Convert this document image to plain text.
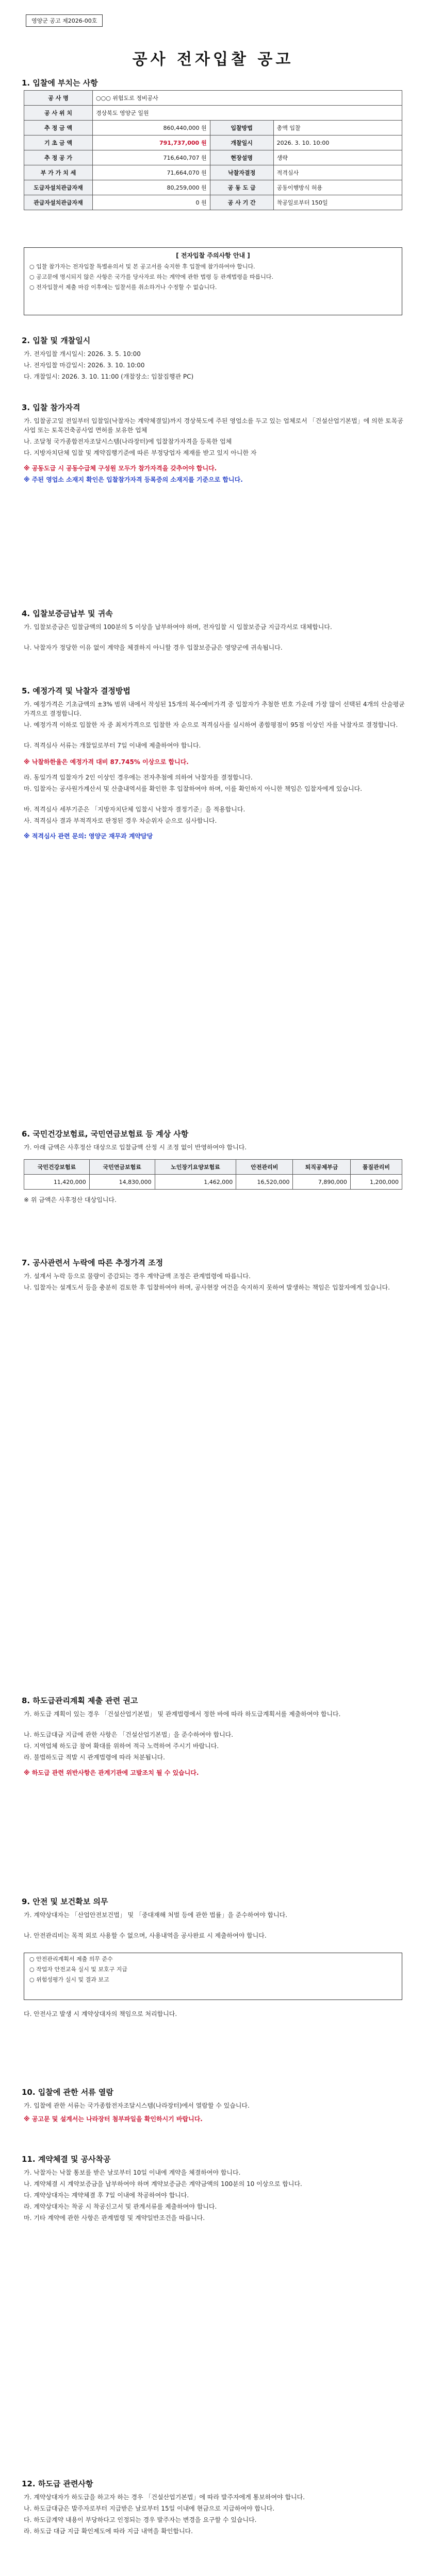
영양군 공고 제2026-00호
공사 전자입찰 공고
1. 입찰에 부치는 사항
공 사 명	○○○ 위험도로 정비공사		
공 사 위 치	경상북도 영양군 일원		
추 정 금 액	860,440,000 원	입찰방법	총액 입찰
기 초 금 액	791,737,000 원	개찰일시	2026. 3. 10. 10:00
추 정 공 가	716,640,707 원	현장설명	생략
부 가 가 치 세	71,664,070 원	낙찰자결정	적격심사
도급자설치관급자재	80,259,000 원	공 동 도 급	공동이행방식 허용
관급자설치관급자재	0 원	공 사 기 간	착공일로부터 150일
[ 전자입찰 주의사항 안내 ]

○ 입찰 참가자는 전자입찰 특별유의서 및 본 공고서를 숙지한 후 입찰에 참가하여야 합니다.

○ 공고문에 명시되지 않은 사항은 국가를 당사자로 하는 계약에 관한 법령 등 관계법령을 따릅니다.

○ 전자입찰서 제출 마감 이후에는 입찰서를 취소하거나 수정할 수 없습니다.

2. 입찰 및 개찰일시

가. 전자입찰 개시일시: 2026. 3. 5. 10:00

나. 전자입찰 마감일시: 2026. 3. 10. 10:00

다. 개찰일시: 2026. 3. 10. 11:00 (개찰장소: 입찰집행관 PC)

3. 입찰 참가자격

가. 입찰공고일 전일부터 입찰일(낙찰자는 계약체결일)까지 경상북도에 주된 영업소를 두고 있는 업체로서 「건설산업기본법」에 의한 토목공사업 또는 토목건축공사업 면허를 보유한 업체

나. 조달청 국가종합전자조달시스템(나라장터)에 입찰참가자격을 등록한 업체

다. 지방자치단체 입찰 및 계약집행기준에 따른 부정당업자 제재를 받고 있지 아니한 자

※ 공동도급 시 공동수급체 구성원 모두가 참가자격을 갖추어야 합니다.

※ 주된 영업소 소재지 확인은 입찰참가자격 등록증의 소재지를 기준으로 합니다.

4. 입찰보증금납부 및 귀속

가. 입찰보증금은 입찰금액의 100분의 5 이상을 납부하여야 하며, 전자입찰 시 입찰보증금 지급각서로 대체합니다.

나. 낙찰자가 정당한 이유 없이 계약을 체결하지 아니할 경우 입찰보증금은 영양군에 귀속됩니다.

5. 예정가격 및 낙찰자 결정방법

가. 예정가격은 기초금액의 ±3% 범위 내에서 작성된 15개의 복수예비가격 중 입찰자가 추첨한 번호 가운데 가장 많이 선택된 4개의 산술평균가격으로 결정합니다.

나. 예정가격 이하로 입찰한 자 중 최저가격으로 입찰한 자 순으로 적격심사를 실시하여 종합평점이 95점 이상인 자를 낙찰자로 결정합니다.

다. 적격심사 서류는 개찰일로부터 7일 이내에 제출하여야 합니다.

※ 낙찰하한율은 예정가격 대비 87.745% 이상으로 합니다.

라. 동일가격 입찰자가 2인 이상인 경우에는 전자추첨에 의하여 낙찰자를 결정합니다.

마. 입찰자는 공사원가계산서 및 산출내역서를 확인한 후 입찰하여야 하며, 이를 확인하지 아니한 책임은 입찰자에게 있습니다.

바. 적격심사 세부기준은 「지방자치단체 입찰시 낙찰자 결정기준」을 적용합니다.

사. 적격심사 결과 부적격자로 판정된 경우 차순위자 순으로 심사합니다.

※ 적격심사 관련 문의: 영양군 재무과 계약담당

6. 국민건강보험료, 국민연금보험료 등 계상 사항

가. 아래 금액은 사후정산 대상으로 입찰금액 산정 시 조정 없이 반영하여야 합니다.

국민건강보험료	국민연금보험료	노인장기요양보험료	안전관리비	퇴직공제부금	품질관리비
11,420,000	14,830,000	1,462,000	16,520,000	7,890,000	1,200,000

※ 위 금액은 사후정산 대상입니다.

7. 공사관련서 누락에 따른 추정가격 조정

가. 설계서 누락 등으로 물량이 증감되는 경우 계약금액 조정은 관계법령에 따릅니다.

나. 입찰자는 설계도서 등을 충분히 검토한 후 입찰하여야 하며, 공사현장 여건을 숙지하지 못하여 발생하는 책임은 입찰자에게 있습니다.

8. 하도급관리계획 제출 관련 권고

가. 하도급 계획이 있는 경우 「건설산업기본법」 및 관계법령에서 정한 바에 따라 하도급계획서를 제출하여야 합니다.

나. 하도급대금 지급에 관한 사항은 「건설산업기본법」을 준수하여야 합니다.

다. 지역업체 하도급 참여 확대를 위하여 적극 노력하여 주시기 바랍니다.

라. 불법하도급 적발 시 관계법령에 따라 처분됩니다.

※ 하도급 관련 위반사항은 관계기관에 고발조치 될 수 있습니다.

9. 안전 및 보건확보 의무

가. 계약상대자는 「산업안전보건법」 및 「중대재해 처벌 등에 관한 법률」을 준수하여야 합니다.

나. 안전관리비는 목적 외로 사용할 수 없으며, 사용내역을 공사완료 시 제출하여야 합니다.

○ 안전관리계획서 제출 의무 준수

○ 작업자 안전교육 실시 및 보호구 지급

○ 위험성평가 실시 및 결과 보고

다. 안전사고 발생 시 계약상대자의 책임으로 처리합니다.

10. 입찰에 관한 서류 열람

가. 입찰에 관한 서류는 국가종합전자조달시스템(나라장터)에서 열람할 수 있습니다.

※ 공고문 및 설계서는 나라장터 첨부파일을 확인하시기 바랍니다.

11. 계약체결 및 공사착공

가. 낙찰자는 낙찰 통보를 받은 날로부터 10일 이내에 계약을 체결하여야 합니다.

나. 계약체결 시 계약보증금을 납부하여야 하며 계약보증금은 계약금액의 100분의 10 이상으로 합니다.

다. 계약상대자는 계약체결 후 7일 이내에 착공하여야 합니다.

라. 계약상대자는 착공 시 착공신고서 및 관계서류를 제출하여야 합니다.

마. 기타 계약에 관한 사항은 관계법령 및 계약일반조건을 따릅니다.

12. 하도급 관련사항

가. 계약상대자가 하도급을 하고자 하는 경우 「건설산업기본법」에 따라 발주자에게 통보하여야 합니다.

나. 하도급대금은 발주자로부터 지급받은 날로부터 15일 이내에 현금으로 지급하여야 합니다.

다. 하도급계약 내용이 부당하다고 인정되는 경우 발주자는 변경을 요구할 수 있습니다.

라. 하도급 대금 지급 확인제도에 따라 지급 내역을 확인합니다.
